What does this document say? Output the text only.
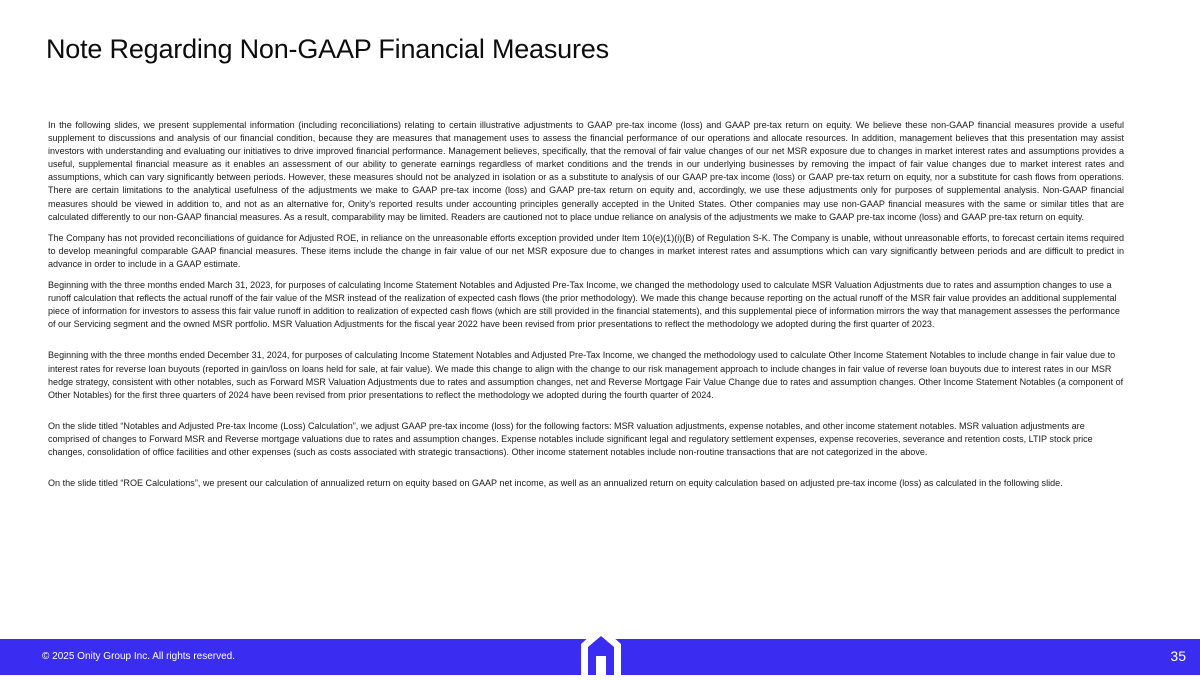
Note Regarding Non-GAAP Financial Measures

In the following slides, we present supplemental information (including reconciliations) relating to certain illustrative adjustments to GAAP pre-tax income (loss) and GAAP pre-tax return on equity. We believe these non-GAAP financial measures provide a useful supplement to discussions and analysis of our financial condition, because they are measures that management uses to assess the financial performance of our operations and allocate resources. In addition, management believes that this presentation may assist investors with understanding and evaluating our initiatives to drive improved financial performance. Management believes, specifically, that the removal of fair value changes of our net MSR exposure due to changes in market interest rates and assumptions provides a useful, supplemental financial measure as it enables an assessment of our ability to generate earnings regardless of market conditions and the trends in our underlying businesses by removing the impact of fair value changes due to market interest rates and assumptions, which can vary significantly between periods. However, these measures should not be analyzed in isolation or as a substitute to analysis of our GAAP pre-tax income (loss) or GAAP pre-tax return on equity, nor a substitute for cash flows from operations. There are certain limitations to the analytical usefulness of the adjustments we make to GAAP pre-tax income (loss) and GAAP pre-tax return on equity and, accordingly, we use these adjustments only for purposes of supplemental analysis. Non-GAAP financial measures should be viewed in addition to, and not as an alternative for, Onity’s reported results under accounting principles generally accepted in the United States. Other companies may use non-GAAP financial measures with the same or similar titles that are calculated differently to our non-GAAP financial measures. As a result, comparability may be limited. Readers are cautioned not to place undue reliance on analysis of the adjustments we make to GAAP pre-tax income (loss) and GAAP pre-tax return on equity.

The Company has not provided reconciliations of guidance for Adjusted ROE, in reliance on the unreasonable efforts exception provided under Item 10(e)(1)(i)(B) of Regulation S-K. The Company is unable, without unreasonable efforts, to forecast certain items required to develop meaningful comparable GAAP financial measures. These items include the change in fair value of our net MSR exposure due to changes in market interest rates and assumptions which can vary significantly between periods and are difficult to predict in advance in order to include in a GAAP estimate.

Beginning with the three months ended March 31, 2023, for purposes of calculating Income Statement Notables and Adjusted Pre-Tax Income, we changed the methodology used to calculate MSR Valuation Adjustments due to rates and assumption changes to use a runoff calculation that reflects the actual runoff of the fair value of the MSR instead of the realization of expected cash flows (the prior methodology). We made this change because reporting on the actual runoff of the MSR fair value provides an additional supplemental piece of information for investors to assess this fair value runoff in addition to realization of expected cash flows (which are still provided in the financial statements), and this supplemental piece of information mirrors the way that management assesses the performance of our Servicing segment and the owned MSR portfolio. MSR Valuation Adjustments for the fiscal year 2022 have been revised from prior presentations to reflect the methodology we adopted during the first quarter of 2023.

Beginning with the three months ended December 31, 2024, for purposes of calculating Income Statement Notables and Adjusted Pre-Tax Income, we changed the methodology used to calculate Other Income Statement Notables to include change in fair value due to interest rates for reverse loan buyouts (reported in gain/loss on loans held for sale, at fair value). We made this change to align with the change to our risk management approach to include changes in fair value of reverse loan buyouts due to interest rates in our MSR hedge strategy, consistent with other notables, such as Forward MSR Valuation Adjustments due to rates and assumption changes, net and Reverse Mortgage Fair Value Change due to rates and assumption changes. Other Income Statement Notables (a component of Other Notables) for the first three quarters of 2024 have been revised from prior presentations to reflect the methodology we adopted during the fourth quarter of 2024.

On the slide titled “Notables and Adjusted Pre-tax Income (Loss) Calculation”, we adjust GAAP pre-tax income (loss) for the following factors: MSR valuation adjustments, expense notables, and other income statement notables. MSR valuation adjustments are comprised of changes to Forward MSR and Reverse mortgage valuations due to rates and assumption changes. Expense notables include significant legal and regulatory settlement expenses, expense recoveries, severance and retention costs, LTIP stock price changes, consolidation of office facilities and other expenses (such as costs associated with strategic transactions). Other income statement notables include non-routine transactions that are not categorized in the above.

On the slide titled “ROE Calculations”, we present our calculation of annualized return on equity based on GAAP net income, as well as an annualized return on equity calculation based on adjusted pre-tax income (loss) as calculated in the following slide.

© 2025 Onity Group Inc. All rights reserved.	35
